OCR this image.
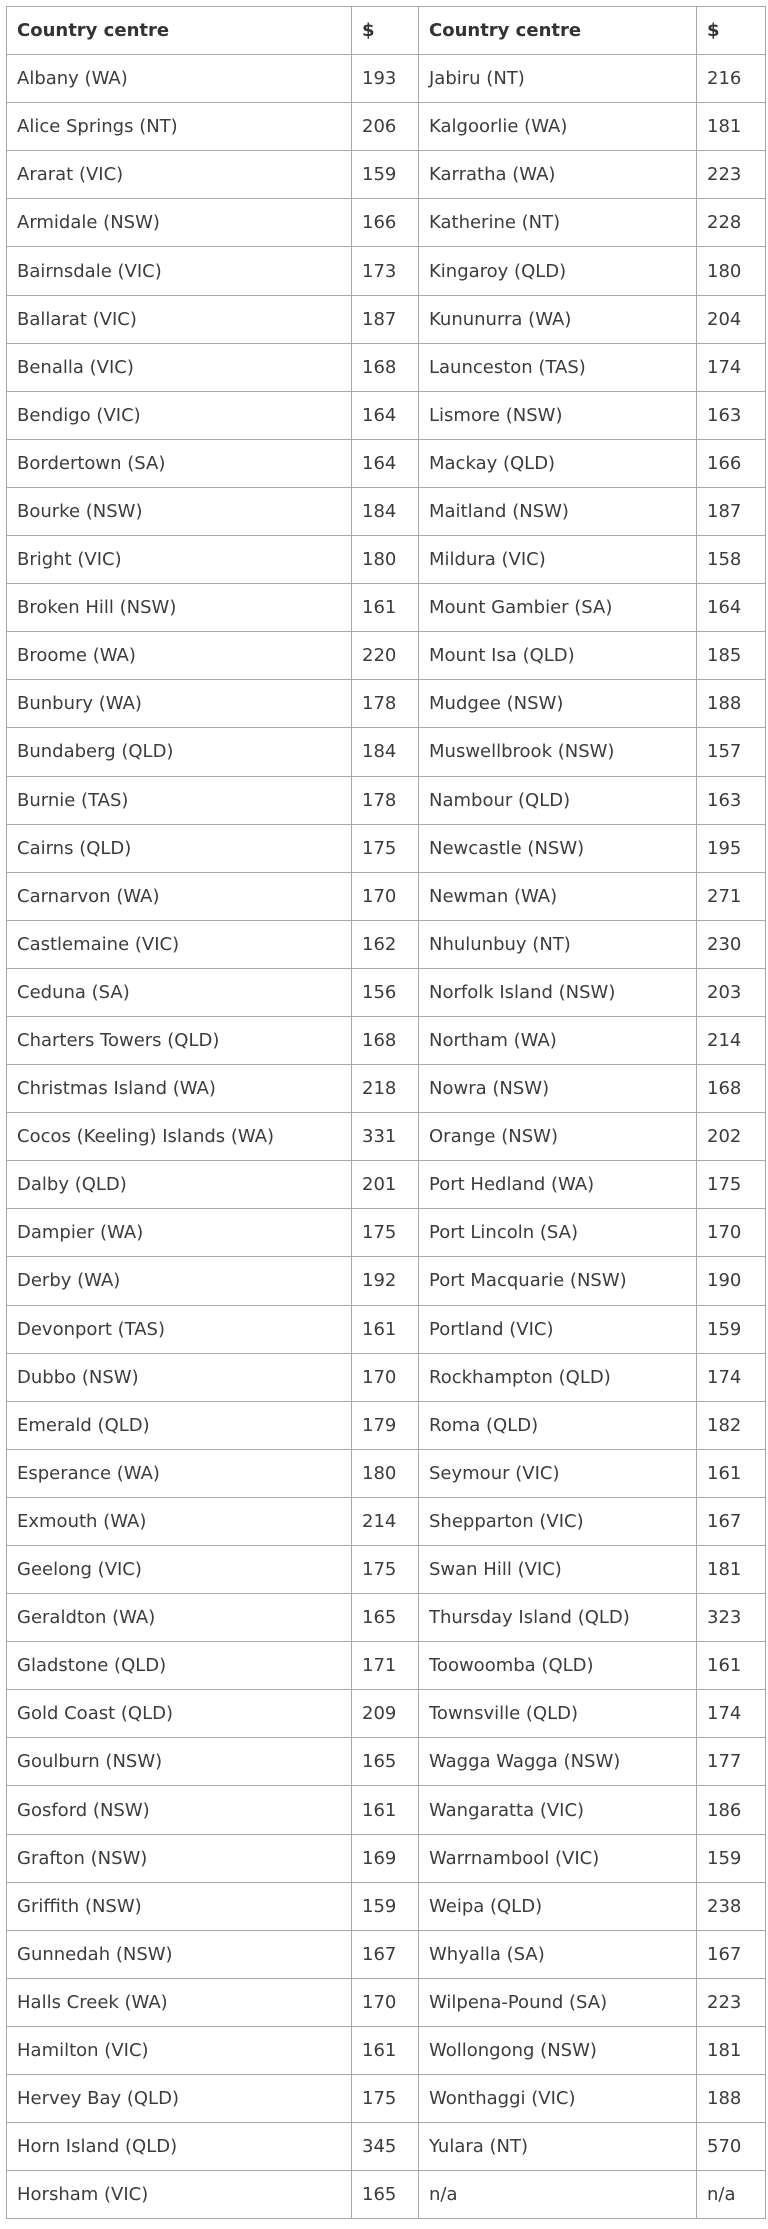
Country centre	$	Country centre	$
Albany (WA)	193	Jabiru (NT)	216
Alice Springs (NT)	206	Kalgoorlie (WA)	181
Ararat (VIC)	159	Karratha (WA)	223
Armidale (NSW)	166	Katherine (NT)	228
Bairnsdale (VIC)	173	Kingaroy (QLD)	180
Ballarat (VIC)	187	Kununurra (WA)	204
Benalla (VIC)	168	Launceston (TAS)	174
Bendigo (VIC)	164	Lismore (NSW)	163
Bordertown (SA)	164	Mackay (QLD)	166
Bourke (NSW)	184	Maitland (NSW)	187
Bright (VIC)	180	Mildura (VIC)	158
Broken Hill (NSW)	161	Mount Gambier (SA)	164
Broome (WA)	220	Mount Isa (QLD)	185
Bunbury (WA)	178	Mudgee (NSW)	188
Bundaberg (QLD)	184	Muswellbrook (NSW)	157
Burnie (TAS)	178	Nambour (QLD)	163
Cairns (QLD)	175	Newcastle (NSW)	195
Carnarvon (WA)	170	Newman (WA)	271
Castlemaine (VIC)	162	Nhulunbuy (NT)	230
Ceduna (SA)	156	Norfolk Island (NSW)	203
Charters Towers (QLD)	168	Northam (WA)	214
Christmas Island (WA)	218	Nowra (NSW)	168
Cocos (Keeling) Islands (WA)	331	Orange (NSW)	202
Dalby (QLD)	201	Port Hedland (WA)	175
Dampier (WA)	175	Port Lincoln (SA)	170
Derby (WA)	192	Port Macquarie (NSW)	190
Devonport (TAS)	161	Portland (VIC)	159
Dubbo (NSW)	170	Rockhampton (QLD)	174
Emerald (QLD)	179	Roma (QLD)	182
Esperance (WA)	180	Seymour (VIC)	161
Exmouth (WA)	214	Shepparton (VIC)	167
Geelong (VIC)	175	Swan Hill (VIC)	181
Geraldton (WA)	165	Thursday Island (QLD)	323
Gladstone (QLD)	171	Toowoomba (QLD)	161
Gold Coast (QLD)	209	Townsville (QLD)	174
Goulburn (NSW)	165	Wagga Wagga (NSW)	177
Gosford (NSW)	161	Wangaratta (VIC)	186
Grafton (NSW)	169	Warrnambool (VIC)	159
Griffith (NSW)	159	Weipa (QLD)	238
Gunnedah (NSW)	167	Whyalla (SA)	167
Halls Creek (WA)	170	Wilpena-Pound (SA)	223
Hamilton (VIC)	161	Wollongong (NSW)	181
Hervey Bay (QLD)	175	Wonthaggi (VIC)	188
Horn Island (QLD)	345	Yulara (NT)	570
Horsham (VIC)	165	n/a	n/a
